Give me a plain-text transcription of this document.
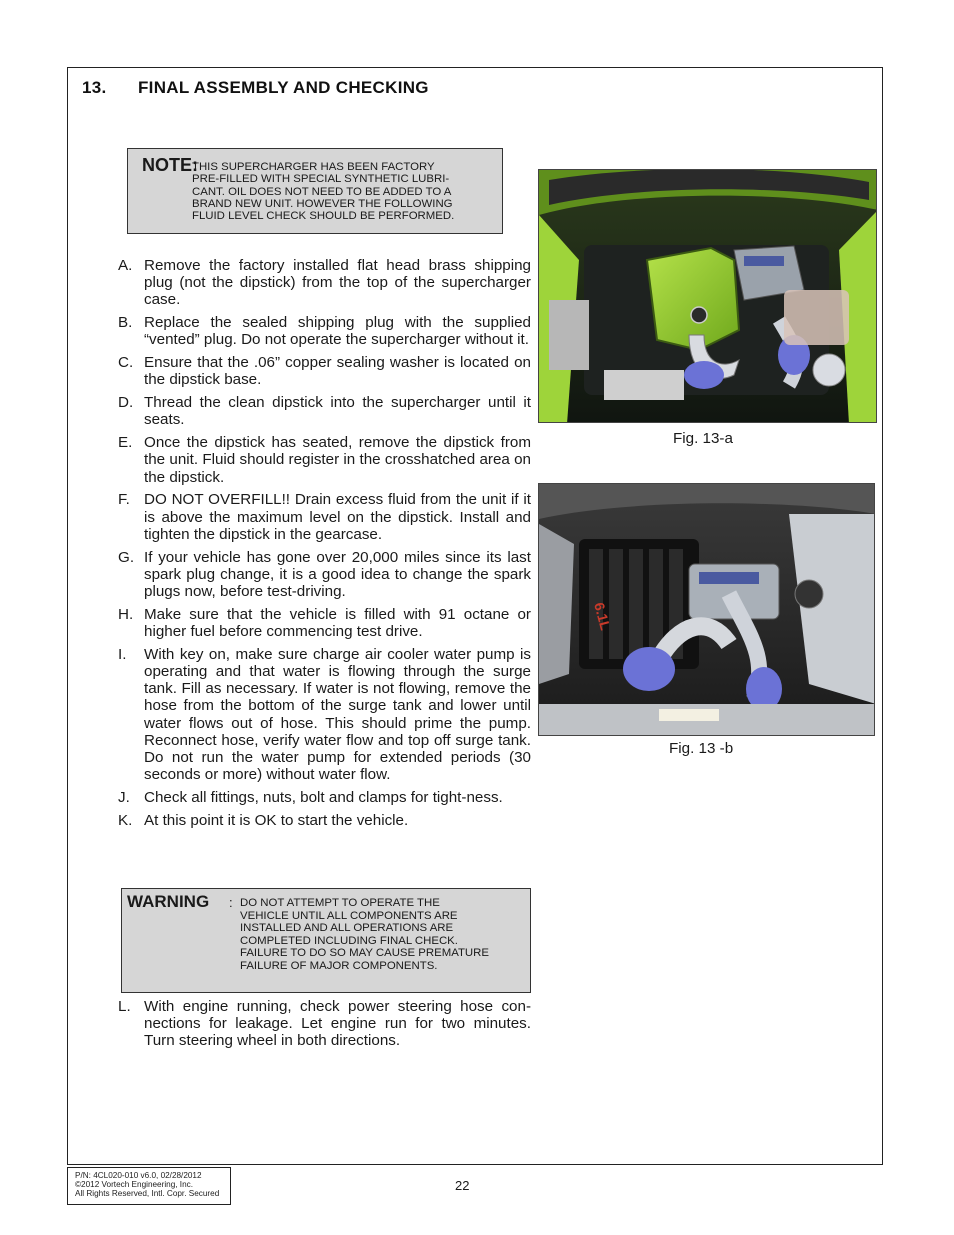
13. FINAL ASSEMBLY AND CHECKING
NOTE:
THIS SUPERCHARGER HAS BEEN FACTORY
PRE-FILLED WITH SPECIAL SYNTHETIC LUBRI-
CANT. OIL DOES NOT NEED TO BE ADDED TO A
BRAND NEW UNIT. HOWEVER THE FOLLOWING
FLUID LEVEL CHECK SHOULD BE PERFORMED.
A. Remove the factory installed flat head brass shipping plug (not the dipstick) from the top of the supercharger case.
B. Replace the sealed shipping plug with the supplied “vented” plug. Do not operate the supercharger without it.
C. Ensure that the .06” copper sealing washer is located on the dipstick base.
D. Thread the clean dipstick into the supercharger until it seats.
E. Once the dipstick has seated, remove the dipstick from the unit. Fluid should register in the crosshatched area on the dipstick.
F. DO NOT OVERFILL!! Drain excess fluid from the unit if it is above the maximum level on the dipstick. Install and tighten the dipstick in the gearcase.
G. If your vehicle has gone over 20,000 miles since its last spark plug change, it is a good idea to change the spark plugs now, before test-driving.
H. Make sure that the vehicle is filled with 91 octane or higher fuel before commencing test drive.
I. With key on, make sure charge air cooler water pump is operating and that water is flowing through the surge tank. Fill as necessary. If water is not flowing, remove the hose from the bottom of the surge tank and lower until water flows out of hose. This should prime the pump. Reconnect hose, verify water flow and top off surge tank. Do not run the water pump for extended periods (30 seconds or more) without water flow.
J. Check all fittings, nuts, bolt and clamps for tight-ness.
K. At this point it is OK to start the vehicle.
WARNING : DO NOT ATTEMPT TO OPERATE THE
VEHICLE UNTIL ALL COMPONENTS ARE
INSTALLED AND ALL OPERATIONS ARE
COMPLETED INCLUDING FINAL CHECK.
FAILURE TO DO SO MAY CAUSE PREMATURE
FAILURE OF MAJOR COMPONENTS.
L. With engine running, check power steering hose con-nections for leakage. Let engine run for two minutes. Turn steering wheel in both directions.
Fig. 13-a
6.1L
Fig. 13 -b
P/N: 4CL020-010 v6.0, 02/28/2012
©2012 Vortech Engineering, Inc.
All Rights Reserved, Intl. Copr. Secured
22
